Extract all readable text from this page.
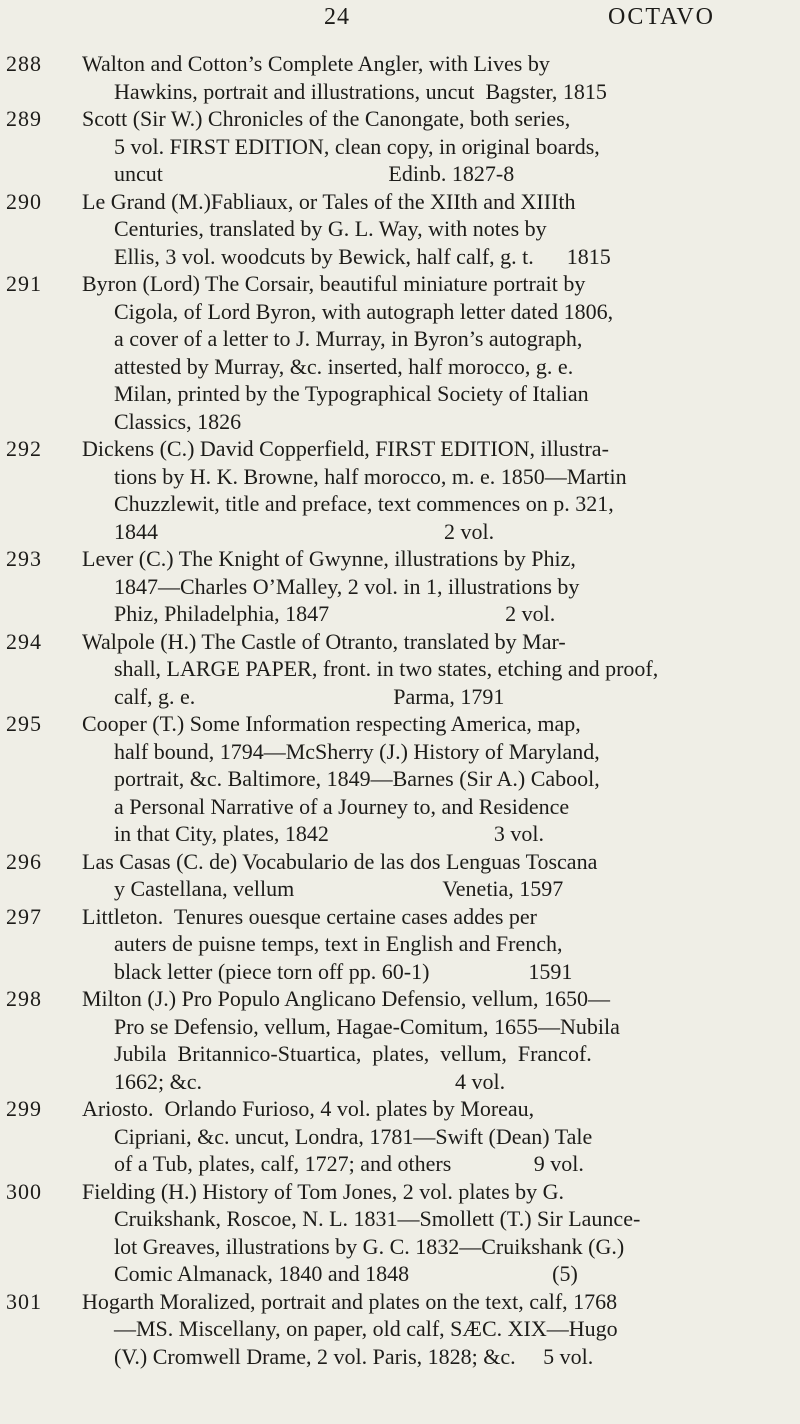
24	OCTAVO
288 Walton and Cotton’s Complete Angler, with Lives by
Hawkins, portrait and illustrations, uncut  Bagster, 1815
289 Scott (Sir W.) Chronicles of the Canongate, both series,
5 vol. FIRST EDITION, clean copy, in original boards,
uncut                                         Edinb. 1827-8
290 Le Grand (M.)Fabliaux, or Tales of the XIIth and XIIIth
Centuries, translated by G. L. Way, with notes by
Ellis, 3 vol. woodcuts by Bewick, half calf, g. t.      1815
291 Byron (Lord) The Corsair, beautiful miniature portrait by
Cigola, of Lord Byron, with autograph letter dated 1806,
a cover of a letter to J. Murray, in Byron’s autograph,
attested by Murray, &c. inserted, half morocco, g. e.
Milan, printed by the Typographical Society of Italian
Classics, 1826
292 Dickens (C.) David Copperfield, FIRST EDITION, illustra-
tions by H. K. Browne, half morocco, m. e. 1850—Martin
Chuzzlewit, title and preface, text commences on p. 321,
1844                                                    2 vol.
293 Lever (C.) The Knight of Gwynne, illustrations by Phiz,
1847—Charles O’Malley, 2 vol. in 1, illustrations by
Phiz, Philadelphia, 1847                                2 vol.
294 Walpole (H.) The Castle of Otranto, translated by Mar-
shall, LARGE PAPER, front. in two states, etching and proof,
calf, g. e.                                    Parma, 1791
295 Cooper (T.) Some Information respecting America, map,
half bound, 1794—McSherry (J.) History of Maryland,
portrait, &c. Baltimore, 1849—Barnes (Sir A.) Cabool,
a Personal Narrative of a Journey to, and Residence
in that City, plates, 1842                              3 vol.
296 Las Casas (C. de) Vocabulario de las dos Lenguas Toscana
y Castellana, vellum                           Venetia, 1597
297 Littleton.  Tenures ouesque certaine cases addes per
auters de puisne temps, text in English and French,
black letter (piece torn off pp. 60-1)                  1591
298 Milton (J.) Pro Populo Anglicano Defensio, vellum, 1650—
Pro se Defensio, vellum, Hagae-Comitum, 1655—Nubila
Jubila  Britannico-Stuartica,  plates,  vellum,  Francof.
1662; &c.                                              4 vol.
299 Ariosto.  Orlando Furioso, 4 vol. plates by Moreau,
Cipriani, &c. uncut, Londra, 1781—Swift (Dean) Tale
of a Tub, plates, calf, 1727; and others               9 vol.
300 Fielding (H.) History of Tom Jones, 2 vol. plates by G.
Cruikshank, Roscoe, N. L. 1831—Smollett (T.) Sir Launce-
lot Greaves, illustrations by G. C. 1832—Cruikshank (G.)
Comic Almanack, 1840 and 1848                          (5)
301 Hogarth Moralized, portrait and plates on the text, calf, 1768
—MS. Miscellany, on paper, old calf, SÆC. XIX—Hugo
(V.) Cromwell Drame, 2 vol. Paris, 1828; &c.     5 vol.
